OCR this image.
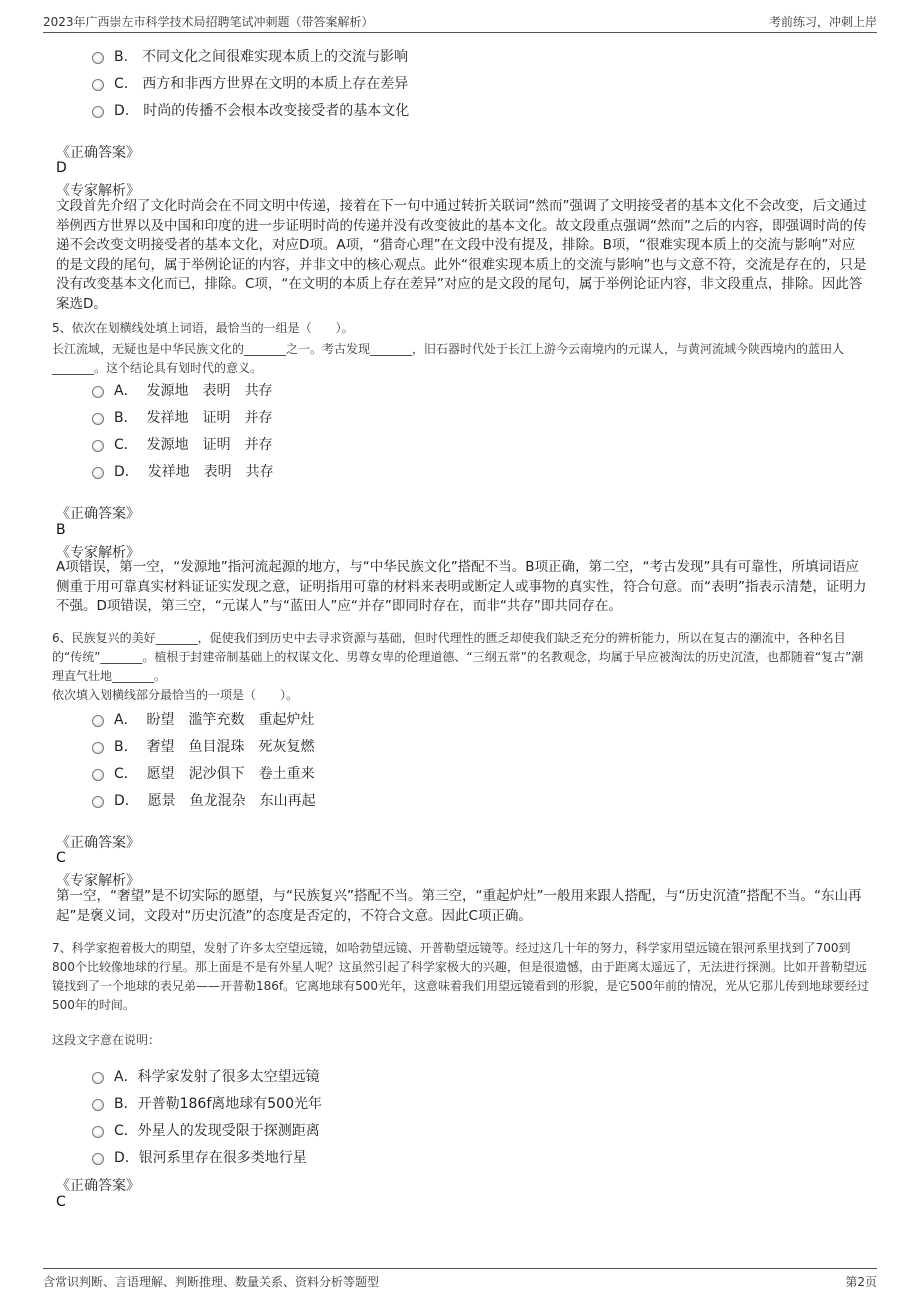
2023年广西崇左市科学技术局招聘笔试冲刺题（带答案解析）	考前练习，冲刺上岸
B.　不同文化之间很难实现本质上的交流与影响
C.　西方和非西方世界在文明的本质上存在差异
D.　时尚的传播不会根本改变接受者的基本文化
《正确答案》
D
《专家解析》
文段首先介绍了文化时尚会在不同文明中传递，接着在下一句中通过转折关联词“然而”强调了文明接受者的基本文化不会改变，后文通过举例西方世界以及中国和印度的进一步证明时尚的传递并没有改变彼此的基本文化。故文段重点强调“然而”之后的内容，即强调时尚的传递不会改变文明接受者的基本文化，对应D项。A项，“猎奇心理”在文段中没有提及，排除。B项，“很难实现本质上的交流与影响”对应的是文段的尾句，属于举例论证的内容，并非文中的核心观点。此外“很难实现本质上的交流与影响”也与文意不符，交流是存在的，只是没有改变基本文化而已，排除。C项，“在文明的本质上存在差异”对应的是文段的尾句，属于举例论证内容，非文段重点，排除。因此答案选D。
5、依次在划横线处填上词语，最恰当的一组是（　　）。
长江流域，无疑也是中华民族文化的_______之一。考古发现_______，旧石器时代处于长江上游今云南境内的元谋人，与黄河流域今陕西境内的蓝田人_______。这个结论具有划时代的意义。
A．  发源地　表明　共存
B．  发祥地　证明　并存
C．  发源地　证明　并存
D．  发祥地　表明　共存
《正确答案》
B
《专家解析》
A项错误，第一空，“发源地”指河流起源的地方，与“中华民族文化”搭配不当。B项正确，第二空，“考古发现”具有可靠性，所填词语应侧重于用可靠真实材料证证实发现之意，证明指用可靠的材料来表明或断定人或事物的真实性，符合句意。而“表明”指表示清楚，证明力不强。D项错误，第三空，“元谋人”与“蓝田人”应“并存”即同时存在，而非“共存”即共同存在。
6、民族复兴的美好_______，促使我们到历史中去寻求资源与基础，但时代理性的匮乏却使我们缺乏充分的辨析能力，所以在复古的潮流中，各种名目的“传统”_______。植根于封建帝制基础上的权谋文化、男尊女卑的伦理道德、“三纲五常”的名教观念，均属于早应被淘汰的历史沉渣，也都随着“复古”潮理直气壮地_______。
依次填入划横线部分最恰当的一项是（　　）。
A．  盼望　滥竽充数　重起炉灶
B．  奢望　鱼目混珠　死灰复燃
C．  愿望　泥沙俱下　卷土重来
D．  愿景　鱼龙混杂　东山再起
《正确答案》
C
《专家解析》
第一空，“奢望”是不切实际的愿望，与“民族复兴”搭配不当。第三空，“重起炉灶”一般用来跟人搭配，与“历史沉渣”搭配不当。“东山再起”是褒义词，文段对“历史沉渣”的态度是否定的，不符合文意。因此C项正确。
7、科学家抱着极大的期望，发射了许多太空望远镜，如哈勃望远镜、开普勒望远镜等。经过这几十年的努力，科学家用望远镜在银河系里找到了700到800个比较像地球的行星。那上面是不是有外星人呢？这虽然引起了科学家极大的兴趣，但是很遗憾，由于距离太遥远了，无法进行探测。比如开普勒望远镜找到了一个地球的表兄弟——开普勒186f。它离地球有500光年，这意味着我们用望远镜看到的形貌，是它500年前的情况，光从它那儿传到地球要经过500年的时间。
这段文字意在说明：
A．科学家发射了很多太空望远镜
B．开普勒186f离地球有500光年
C．外星人的发现受限于探测距离
D．银河系里存在很多类地行星
《正确答案》
C
含常识判断、言语理解、判断推理、数量关系、资料分析等题型	第2页
